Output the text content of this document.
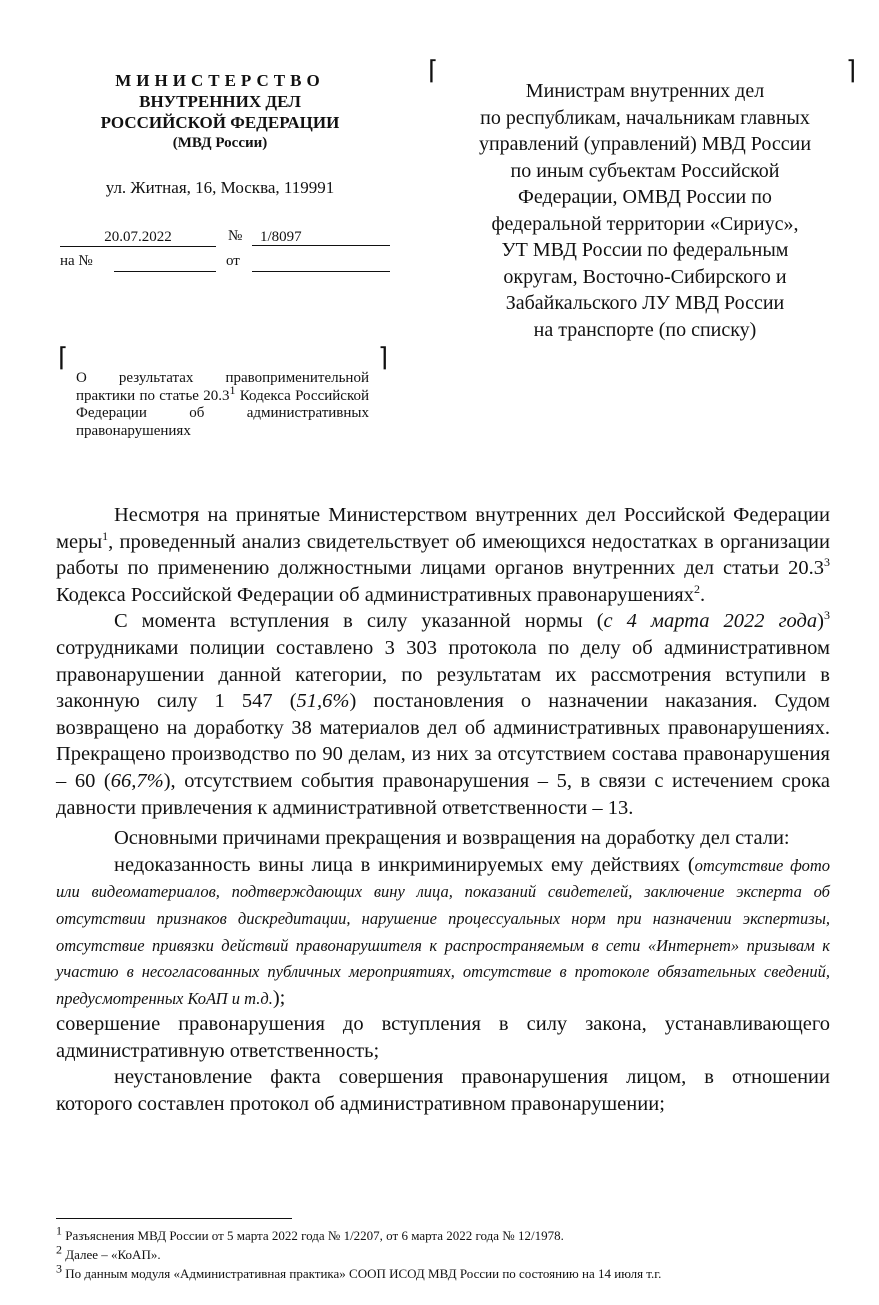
МИНИСТЕРСТВО
ВНУТРЕННИХ ДЕЛ
РОССИЙСКОЙ ФЕДЕРАЦИИ
(МВД России)
ул. Житная, 16, Москва, 119991
20.07.2022	№	1/8097
на №	от
⌈	⌉
Министрам внутренних дел
по республикам, начальникам главных
управлений (управлений) МВД России
по иным субъектам Российской
Федерации, ОМВД России по
федеральной территории «Сириус»,
УТ МВД России по федеральным
округам, Восточно-Сибирского и
Забайкальского ЛУ МВД России
на транспорте (по списку)
⌈	⌉
О результатах правоприменительной практики по статье 20.3$^1$ Кодекса Российской Федерации об административных правонарушениях

Несмотря на принятые Министерством внутренних дел Российской Федерации меры$^1$, проведенный анализ свидетельствует об имеющихся недостатках в организации работы по применению должностными лицами органов внутренних дел статьи 20.3$^3$ Кодекса Российской Федерации об административных правонарушениях$^2$.

С момента вступления в силу указанной нормы (с 4 марта 2022 года)$^3$ сотрудниками полиции составлено 3 303 протокола по делу об административном правонарушении данной категории, по результатам их рассмотрения вступили в законную силу 1 547 (51,6%) постановления о назначении наказания. Судом возвращено на доработку 38 материалов дел об административных правонарушениях. Прекращено производство по 90 делам, из них за отсутствием состава правонарушения – 60 (66,7%), отсутствием события правонарушения – 5, в связи с истечением срока давности привлечения к административной ответственности – 13.

Основными причинами прекращения и возвращения на доработку дел стали:

недоказанность вины лица в инкриминируемых ему действиях (отсутствие фото или видеоматериалов, подтверждающих вину лица, показаний свидетелей, заключение эксперта об отсутствии признаков дискредитации, нарушение процессуальных норм при назначении экспертизы, отсутствие привязки действий правонарушителя к распространяемым в сети «Интернет» призывам к участию в несогласованных публичных мероприятиях, отсутствие в протоколе обязательных сведений, предусмотренных КоАП и т.д.);

совершение правонарушения до вступления в силу закона, устанавливающего административную ответственность;

неустановление факта совершения правонарушения лицом, в отношении которого составлен протокол об административном правонарушении;

$^1$ Разъяснения МВД России от 5 марта 2022 года № 1/2207, от 6 марта 2022 года № 12/1978.
$^2$ Далее – «КоАП».
$^3$ По данным модуля «Административная практика» СООП ИСОД МВД России по состоянию на 14 июля т.г.
